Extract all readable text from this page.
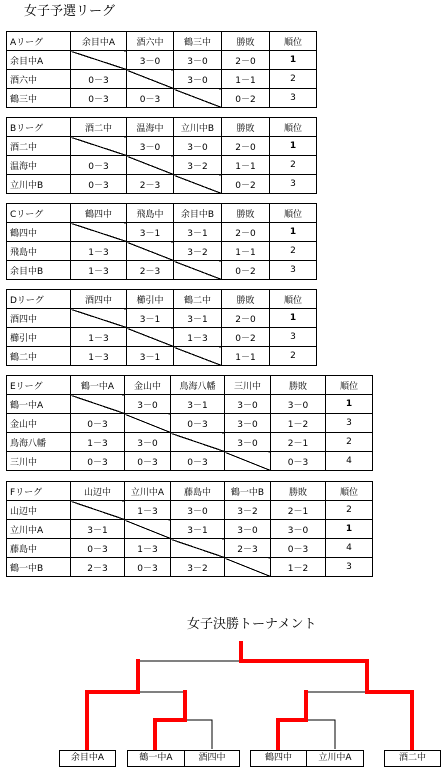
女子予選リーグ
Aリーグ	余目中A	酒六中	鶴三中	勝敗	順位
余目中A		3－0	3－0	2－0	1
酒六中	0－3		3－0	1－1	2
鶴三中	0－3	0－3		0－2	3
Bリーグ	酒二中	温海中	立川中B	勝敗	順位
酒二中		3－0	3－0	2－0	1
温海中	0－3		3－2	1－1	2
立川中B	0－3	2－3		0－2	3
Cリーグ	鶴四中	飛島中	余目中B	勝敗	順位
鶴四中		3－1	3－1	2－0	1
飛島中	1－3		3－2	1－1	2
余目中B	1－3	2－3		0－2	3
Dリーグ	酒四中	櫛引中	鶴二中	勝敗	順位
酒四中		3－1	3－1	2－0	1
櫛引中	1－3		1－3	0－2	3
鶴二中	1－3	3－1		1－1	2
Eリーグ	鶴一中A	金山中	鳥海八幡	三川中	勝敗	順位
鶴一中A		3－0	3－1	3－0	3－0	1
金山中	0－3		0－3	3－0	1－2	3
鳥海八幡	1－3	3－0		3－0	2－1	2
三川中	0－3	0－3	0－3		0－3	4
Fリーグ	山辺中	立川中A	藤島中	鶴一中B	勝敗	順位
山辺中		1－3	3－0	3－2	2－1	2
立川中A	3－1		3－1	3－0	3－0	1
藤島中	0－3	1－3		2－3	0－3	4
鶴一中B	2－3	0－3	3－2		1－2	3
女子決勝トーナメント
余目中A	鶴一中A	酒四中	鶴四中	立川中A	酒二中
